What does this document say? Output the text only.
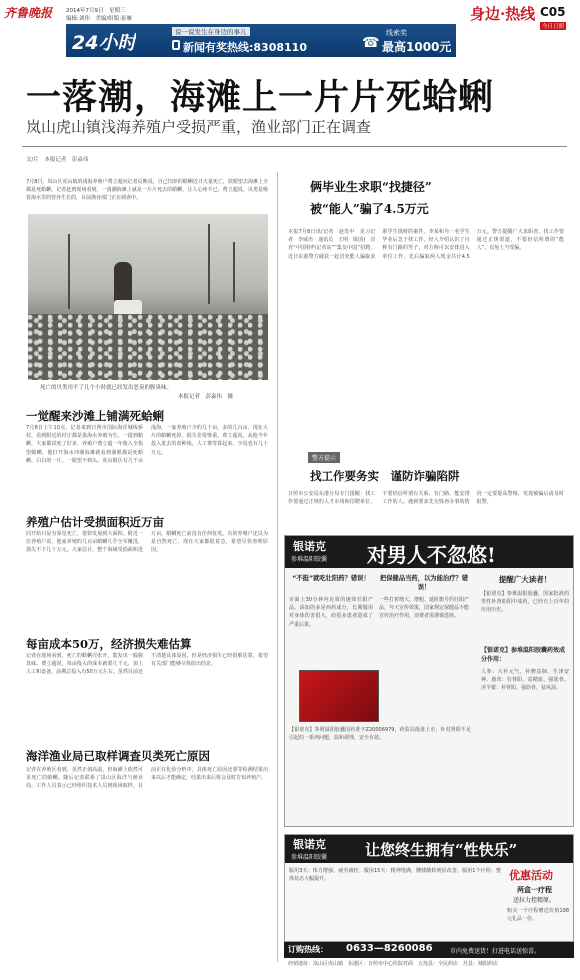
齐鲁晚报	2014年7月9日　星期三
编辑:刘伟　美编/组版:崔雁	身边·热线 C05
今日日照
24小时	说一说发生在身边的事儿
新闻有奖热线:8308110	☎
线索奖
最高1000元
一落潮，海滩上一片片死蛤蜊
岚山虎山镇浅海养殖户受损严重，渔业部门正在调查
文/片　本报记者　彭淼伟
7月8日，岚山区虎山镇的浅海养殖户费立超向记者反映说，自己饲养的蛤蜊近日大量死亡，放眼望去海滩上全都是死蛤蜊。记者赶到现场看到，一落潮海滩上就是一片片死去的蛤蜊，让人心疼不已。费立超说，贝类是吸着海水里的营养生长的，目前渔业部门正在调查中。
死亡的贝类用不了几个小时就已经发出恶臭的腥臭味。
本报记者　彭淼伟　摄
一觉醒来沙滩上铺满死蛤蜊
7月8日上午10点，记者来到日照市国际海洋城线桥村，看到附近的村庄都是靠海水养殖为生。一提到蛤蜊，大家都说死了好多。养殖户费立超一年收入全指望蛤蜊，他打开海水冲刷海滩就看到满眼都是死蛤蜊，白白的一片，一眼望不到头。虎山镇区有几千亩浅海，一家养殖户少的几十亩，多的几百亩，现在大片的蛤蜊死掉，损失非常惨重。费立超说，从他今年投入进去的苗种钱、人工费等算起来，少说也有几十万元。
养殖户估计受损面积近万亩
同开始只是有零星死亡，很快发展到大面积。附近一位养殖户说，他家养殖的几百亩蛤蜊几乎全军覆没，损失不下几十万元。大家估计，整个海域受损面积近万亩。蛤蜊死亡前没有任何征兆，有的养殖户还以为是自然死亡，现在大家都很着急，希望尽快查明原因。
每亩成本50万，经济损失难估算
记者在现场看到，死亡的蛤蜊壳张开，散发出一股腥臭味。费立超说，每亩投入的成本就要几千元，加上人工和设备，前期总投入有50万元左右。虽然目前还不清楚具体原因，但是经济损失已经很难估算，希望有关部门能够尽快给出结论。
海洋渔业局已取样调查贝类死亡原因
记者在养殖区看到，虽然正值高温，但海滩上依然可见死亡的蛤蜊。随后记者联系了岚山区海洋与渔业局，工作人员表示已经组织技术人员到现场取样，目前正在化验分析中，具体死亡原因还要等检测结果出来以后才能确定，结果出来后将会及时告知养殖户。
俩毕业生求职“找捷径”
被“能人”骗了4.5万元
本报7月8日讯(记者　赵发中　见习记者　李威杰　通讯员　王明　陈国)　冒充“中国特约记者站”“集友中国”招聘，近日东港警方破获一起冒充能人骗取求职学生钱财的案件。李某和另一名学生毕业后急于找工作，经人介绍认识了自称有门路的男子，对方称可以安排进入单位工作，先后骗取两人现金共计4.5万元。警方提醒广大求职者，找工作要通过正规渠道，不要轻信所谓的“能人”，以免上当受骗。
警方提示
找工作要务实　谨防诈骗陷阱
日照市公安局东港分局专门提醒：找工作要通过正规的人才市场和招聘单位，不要轻信所谓有关系、有门路、能安排工作的人。遇到要求先交钱再办事的情况一定要提高警惕，发现被骗后请及时报警。
银诺克
参堆温阳胶囊 对男人不忽悠!
“不挺”就吃壮阳药？错误！
市面上30分钟内见效的速效壮阳产品，添加的多是西药成分，长期服用对身体伤害很大，给很多患者造成了严重后果。
把保健品当药，以为能治疗？错误！
一些打着增大、增粗、延时旗号的壮阳产品，夸大宣传效果，国家规定保健品不能宣传治疗作用，消费者需谨慎选择。
提醒广大读者！
【银诺克】参堆温阳胶囊，国家批准的男性补肾助阳中成药，已经有上百年的应用历史。
【银诺克】参堆温阳胶囊国药准字Z20006979，药监局批准上市，针对肾阳不足引起的一系列问题，温和调理，安全有效。
【银诺克】参堆温阳胶囊药效成分作用：
人参：大补元气，补脾益肺，生津安神。鹿茸：壮肾阳，益精血，强筋骨。淫羊藿：补肾阳，强筋骨，祛风湿。
银诺克
参堆温阳胶囊	让您终生拥有“性快乐”
服用3天：体力增强，疲劳减轻。服用15天：精神饱满，腰膝酸软明显改善。服用1个疗程：整体状态大幅提升。	优惠活动
两盒一疗程
送拉力控精原。
购买一个疗程赠送价值198元礼品一份。
订购热线： 0633—8260086	市内免费送货！打进电话送惊喜。
经销地址：岚山区虎山镇　东港区：日照市中心医院对面　五莲县：全民药店　莒县：城阳药店
